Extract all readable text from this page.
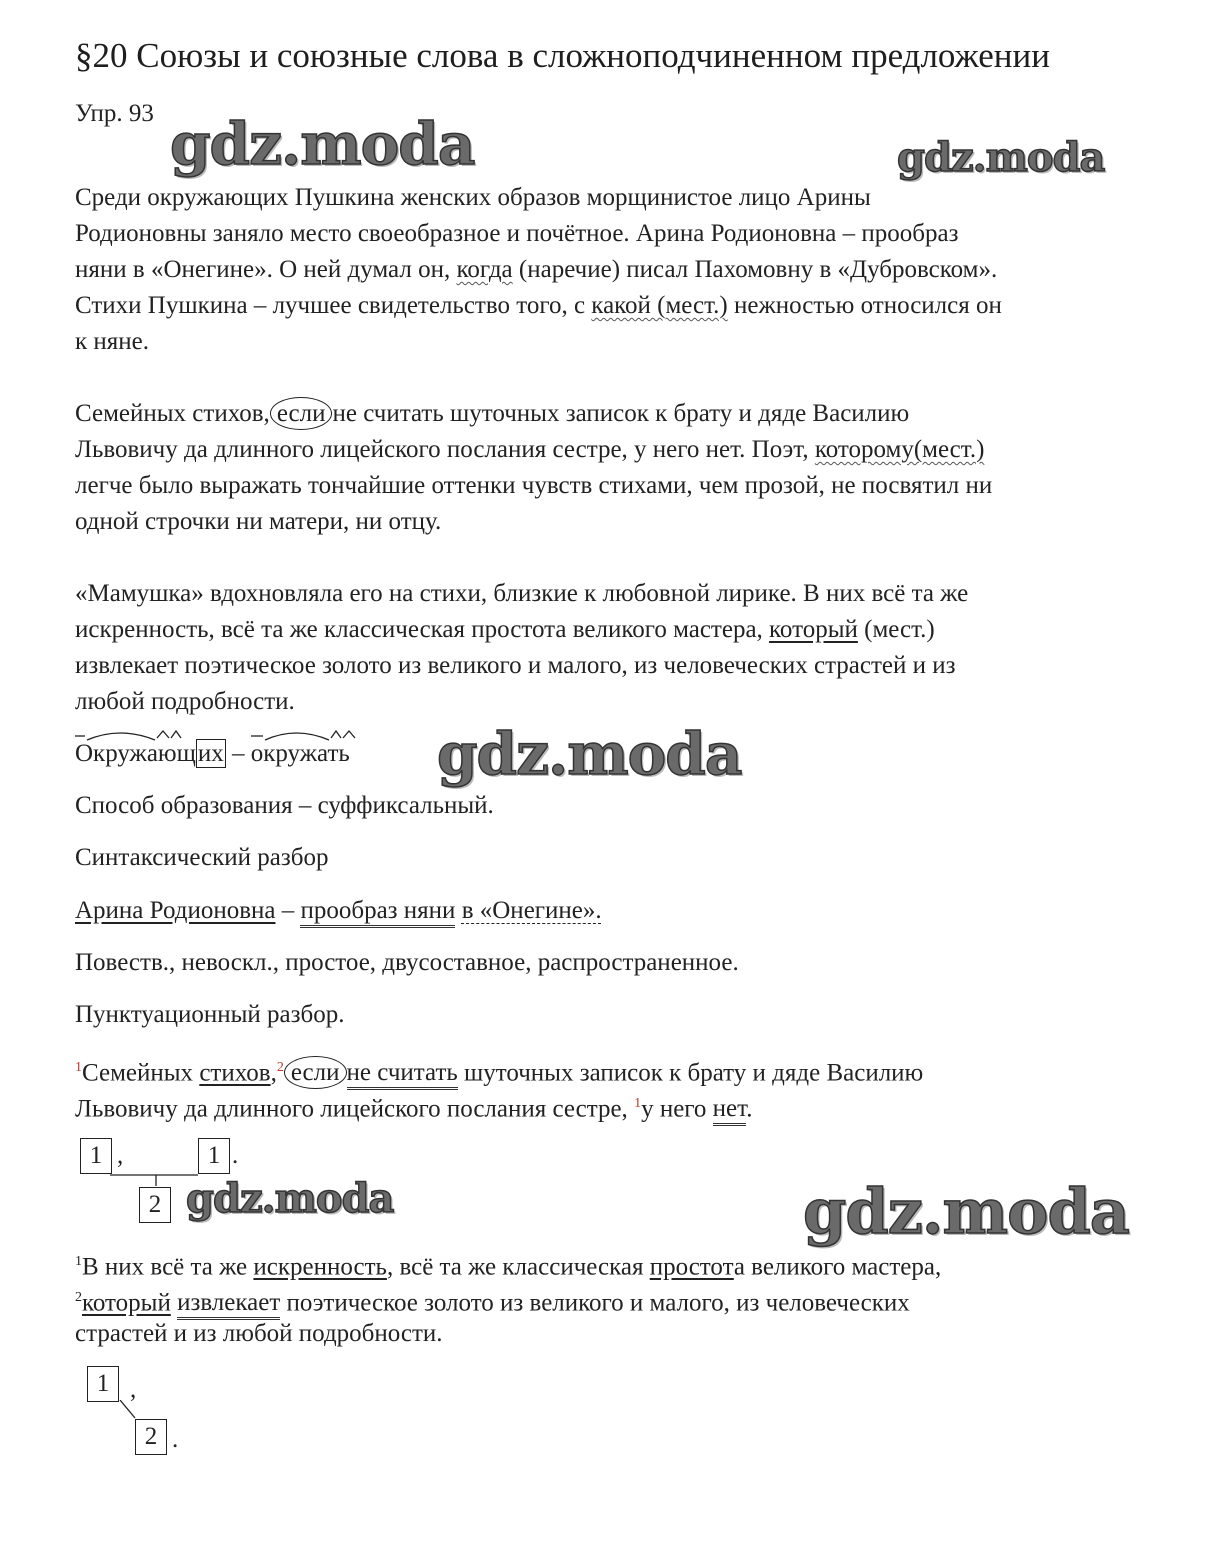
§20 Союзы и союзные слова в сложноподчиненном предложении
Упр. 93 gdz.moda	gdz.moda
gdz.moda
gdz.moda	gdz.moda
Среди окружающих Пушкина женских образов морщинистое лицо Арины
Родионовны заняло место своеобразное и почётное. Арина Родионовна – прообраз
няни в «Онегине». О ней думал он, когда (наречие) писал Пахомовну в «Дубровском».
Стихи Пушкина – лучшее свидетельство того, с какой (мест.) нежностью относился он
к няне.
Семейных стихов, если не считать шуточных записок к брату и дяде Василию
Львовичу да длинного лицейского послания сестре, у него нет. Поэт, которому(мест.)
легче было выражать тончайшие оттенки чувств стихами, чем прозой, не посвятил ни
одной строчки ни матери, ни отцу.
«Мамушка» вдохновляла его на стихи, близкие к любовной лирике. В них всё та же
искренность, всё та же классическая простота великого мастера, который (мест.)
извлекает поэтическое золото из великого и малого, из человеческих страстей и из
любой подробности.
Окружающих –
окружать
Способ образования – суффиксальный.
Синтаксический разбор
Арина Родионовна – прообраз няни в «Онегине».
Повеств., невоскл., простое, двусоставное, распространенное.
Пунктуационный разбор.
$^1$Семейных стихов,$^2$ если не считать шуточных записок к брату и дяде Василию
Львовичу да длинного лицейского послания сестре, $^1$у него нет.
1 ,	1 .
2
$^1$В них всё та же искренность, всё та же классическая простота великого мастера,
$^2$который извлекает поэтическое золото из великого и малого, из человеческих
страстей и из любой подробности.
1 ,
2 .
